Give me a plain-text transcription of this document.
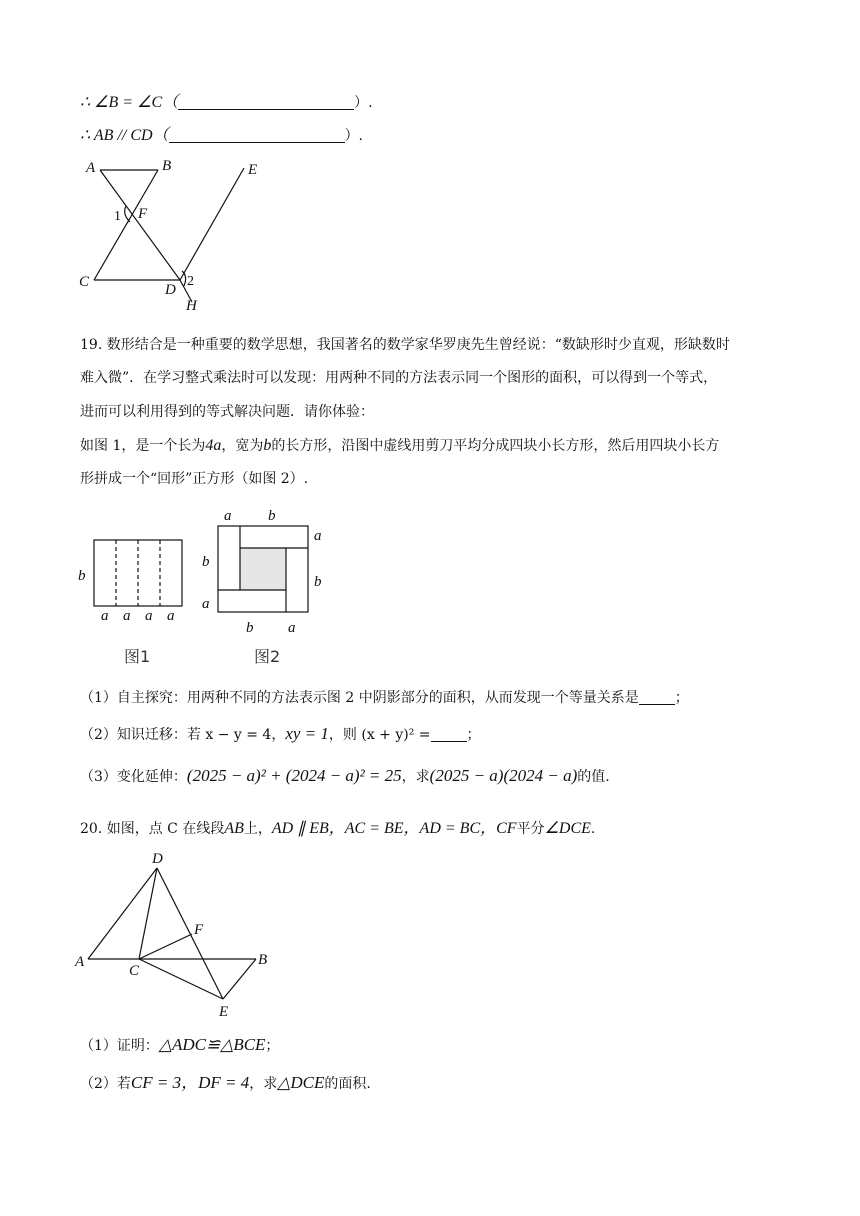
∴ ∠B = ∠C（	）.
∴ AB // CD（	）.
A	B	E
F
C	D
H
1
2
19. 数形结合是一种重要的数学思想，我国著名的数学家华罗庚先生曾经说：“数缺形时少直观，形缺数时
难入微”．在学习整式乘法时可以发现：用两种不同的方法表示同一个图形的面积，可以得到一个等式，
进而可以利用得到的等式解决问题．请你体验：
如图 1，是一个长为4a，宽为b的长方形，沿图中虚线用剪刀平均分成四块小长方形，然后用四块小长方
形拼成一个“回形”正方形（如图 2）.
b
a a a a
图1
a b
a
b
b
a
b a
图2
（1）自主探究：用两种不同的方法表示图 2 中阴影部分的面积，从而发现一个等量关系是	；
（2）知识迁移：若 x − y = 4，xy = 1，则 (x + y)² =	；
（3）变化延伸：(2025 − a)² + (2024 − a)² = 25，求(2025 − a)(2024 − a)的值.
20. 如图，点 C 在线段AB上，AD ∥ EB，AC = BE，AD = BC，CF平分∠DCE.
D
F
A
C
B
E
（1）证明：△ADC≌△BCE；
（2）若CF = 3，DF = 4，求△DCE的面积.
